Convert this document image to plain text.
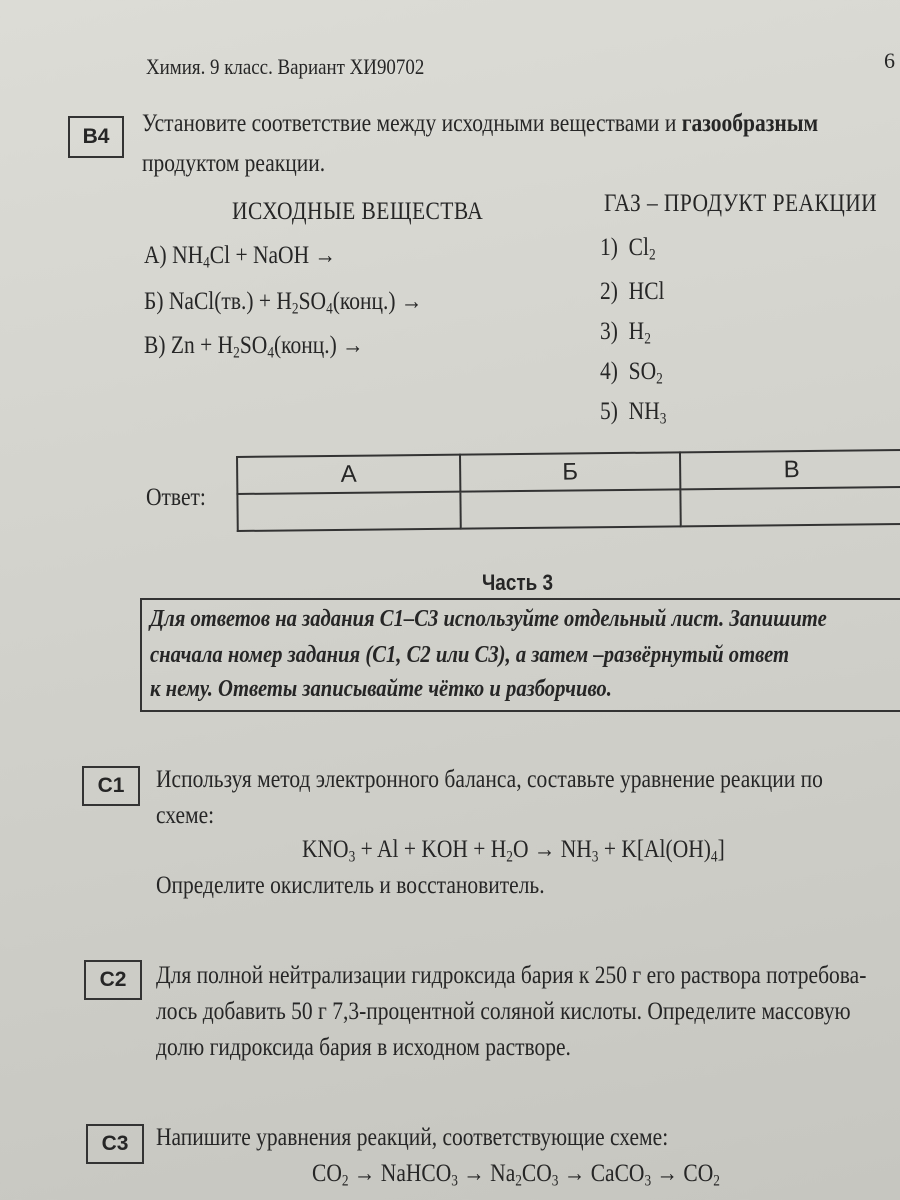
Химия. 9 класс. Вариант ХИ90702	6
В4	Установите соответствие между исходными веществами и газообразным
продуктом реакции.
ИСХОДНЫЕ ВЕЩЕСТВА	ГАЗ – ПРОДУКТ РЕАКЦИИ
А) $NH_4Cl$ + NaOH →
Б) NaCl(тв.) + $H_2SO_4(конц.)$ →
В) $Zn + H_2SO_4(конц.)$ →
1) $Cl_2$
2) HCl
3) $H_2$
4) $SO_2$
5) $NH_3$
Ответ:
А	Б	В

Часть 3
Для ответов на задания С1–С3 используйте отдельный лист. Запишите
сначала номер задания (С1, С2 или С3), а затем –развёрнутый ответ
к нему. Ответы записывайте чётко и разборчиво.
С1	Используя метод электронного баланса, составьте уравнение реакции по
схеме:
$KNO_3 + Al$ + KOH + $H_2O \to NH_3 + K[Al(OH)_4]$
Определите окислитель и восстановитель.
С2	Для полной нейтрализации гидроксида бария к 250 г его раствора потребова-
лось добавить 50 г 7,3-процентной соляной кислоты. Определите массовую
долю гидроксида бария в исходном растворе.
С3	Напишите уравнения реакций, соответствующие схеме:
$CO_2$ → NaHCO$_3$ → $Na_2CO_3$ → CaCO$_3$ → $CO_2$
